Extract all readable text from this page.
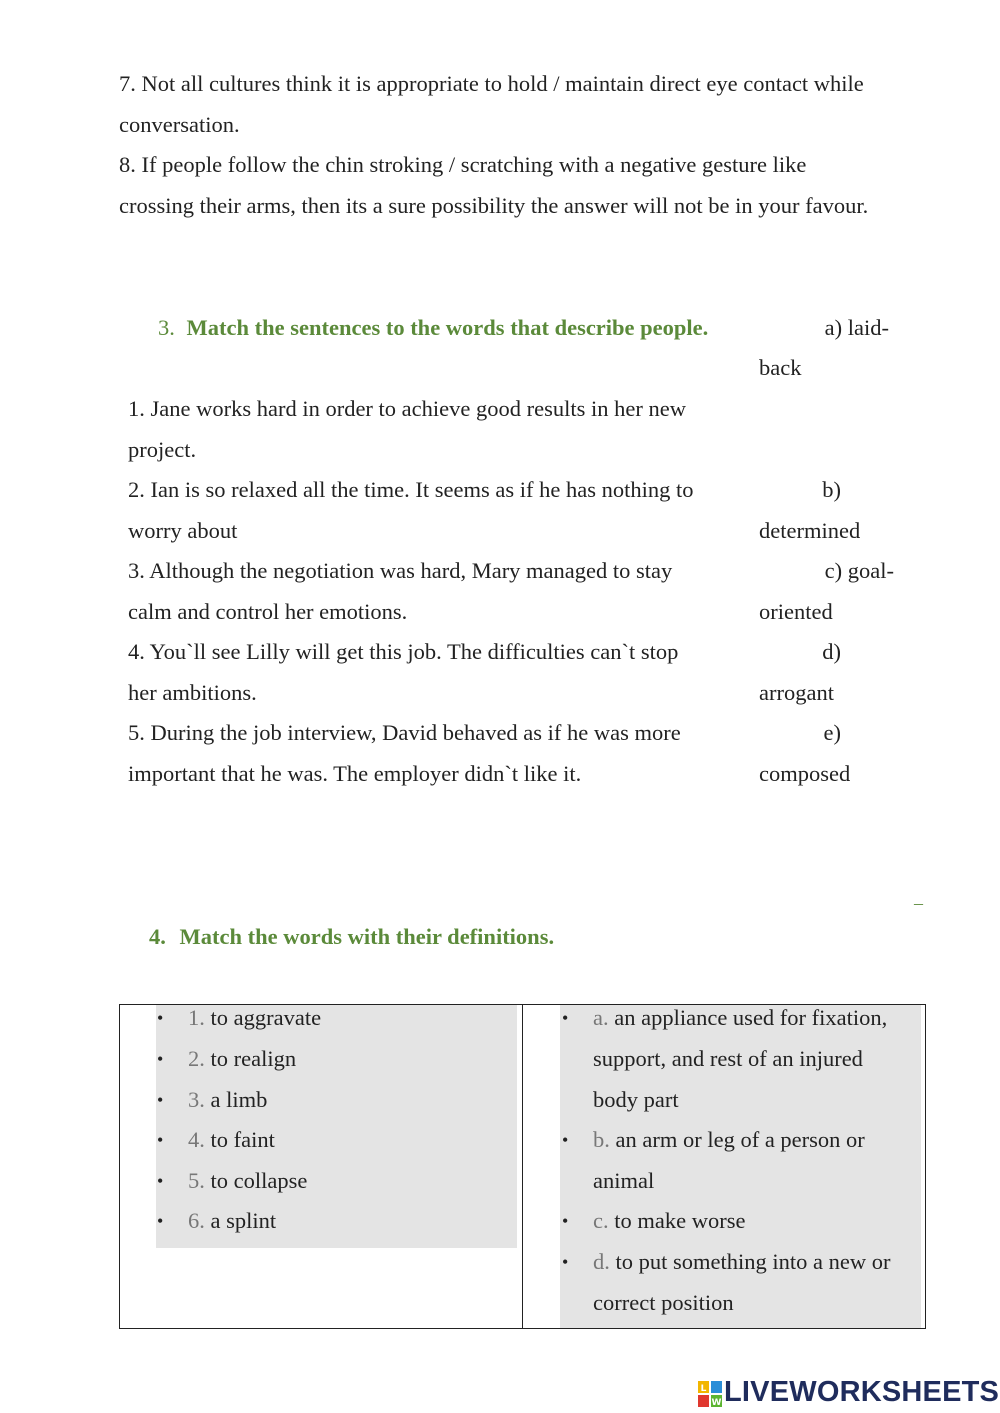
7. Not all cultures think it is appropriate to hold / maintain direct eye contact while
conversation.
8. If people follow the chin stroking / scratching with a negative gesture like
crossing their arms, then its a sure possibility the answer will not be in your favour.
3. Match the sentences to the words that describe people.
1. Jane works hard in order to achieve good results in her new
project.
2. Ian is so relaxed all the time. It seems as if he has nothing to
worry about
3. Although the negotiation was hard, Mary managed to stay
calm and control her emotions.
4. You`ll see Lilly will get this job. The difficulties can`t stop
her ambitions.
5. During the job interview, David behaved as if he was more
important that he was. The employer didn`t like it.
a) laid-
back
b)
determined
c) goal-
oriented
d)
arrogant
e)
composed
–
4. Match the words with their definitions.
• 1. to aggravate
• 2. to realign
• 3. a limb
• 4. to faint
• 5. to collapse
• 6. a splint
• a. an appliance used for fixation,
support, and rest of an injured
body part
• b. an arm or leg of a person or
animal
• c. to make worse
• d. to put something into a new or
correct position
L
W LIVEWORKSHEETS
